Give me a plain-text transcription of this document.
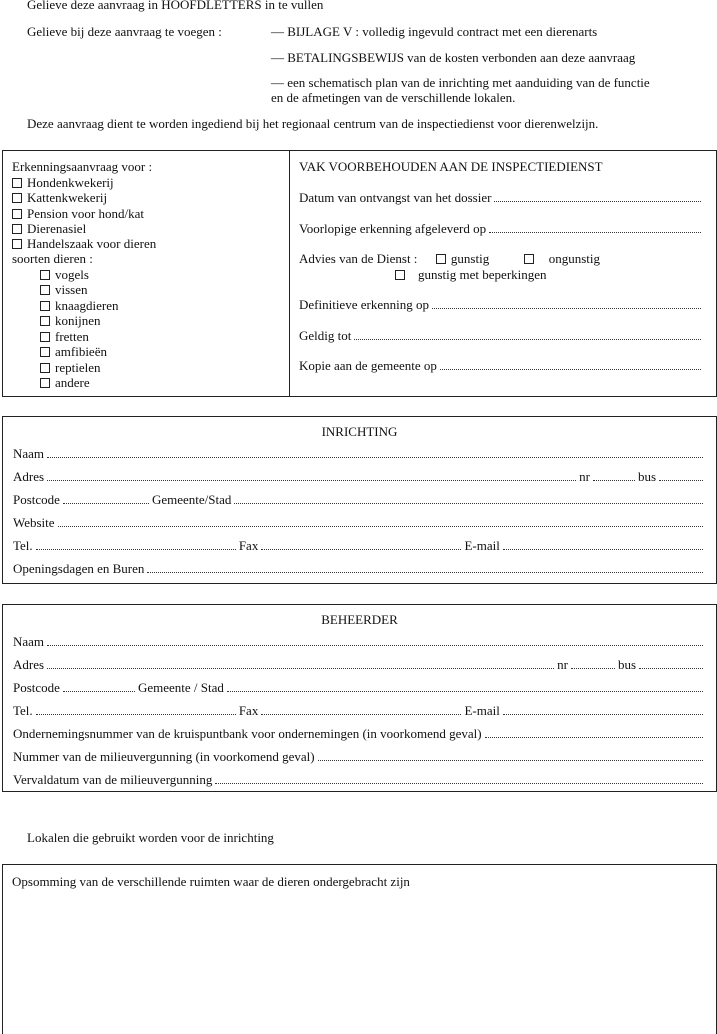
Gelieve deze aanvraag in HOOFDLETTERS in te vullen
Gelieve bij deze aanvraag te voegen :	— BIJLAGE V : volledig ingevuld contract met een dierenarts
— BETALINGSBEWIJS van de kosten verbonden aan deze aanvraag
— een schematisch plan van de inrichting met aanduiding van de functie
en de afmetingen van de verschillende lokalen.
Deze aanvraag dient te worden ingediend bij het regionaal centrum van de inspectiedienst voor dierenwelzijn.
Erkenningsaanvraag voor :
Hondenkwekerij
Kattenkwekerij
Pension voor hond/kat
Dierenasiel
Handelszaak voor dieren
soorten dieren :
vogels
vissen
knaagdieren
konijnen
fretten
amfibieën
reptielen
andere
VAK VOORBEHOUDEN AAN DE INSPECTIEDIENST
Datum van ontvangst van het dossier
Voorlopige erkenning afgeleverd op
Advies van de Dienst :	gunstig	ongunstig
gunstig met beperkingen
Definitieve erkenning op
Geldig tot
Kopie aan de gemeente op
INRICHTING
Naam
Adres	nr	bus
Postcode	Gemeente/Stad
Website
Tel.	Fax	E-mail
Openingsdagen en Buren
BEHEERDER
Naam
Adres	nr	bus
Postcode	Gemeente / Stad
Tel.	Fax	E-mail
Ondernemingsnummer van de kruispuntbank voor ondernemingen (in voorkomend geval)
Nummer van de milieuvergunning (in voorkomend geval)
Vervaldatum van de milieuvergunning
Lokalen die gebruikt worden voor de inrichting
Opsomming van de verschillende ruimten waar de dieren ondergebracht zijn
